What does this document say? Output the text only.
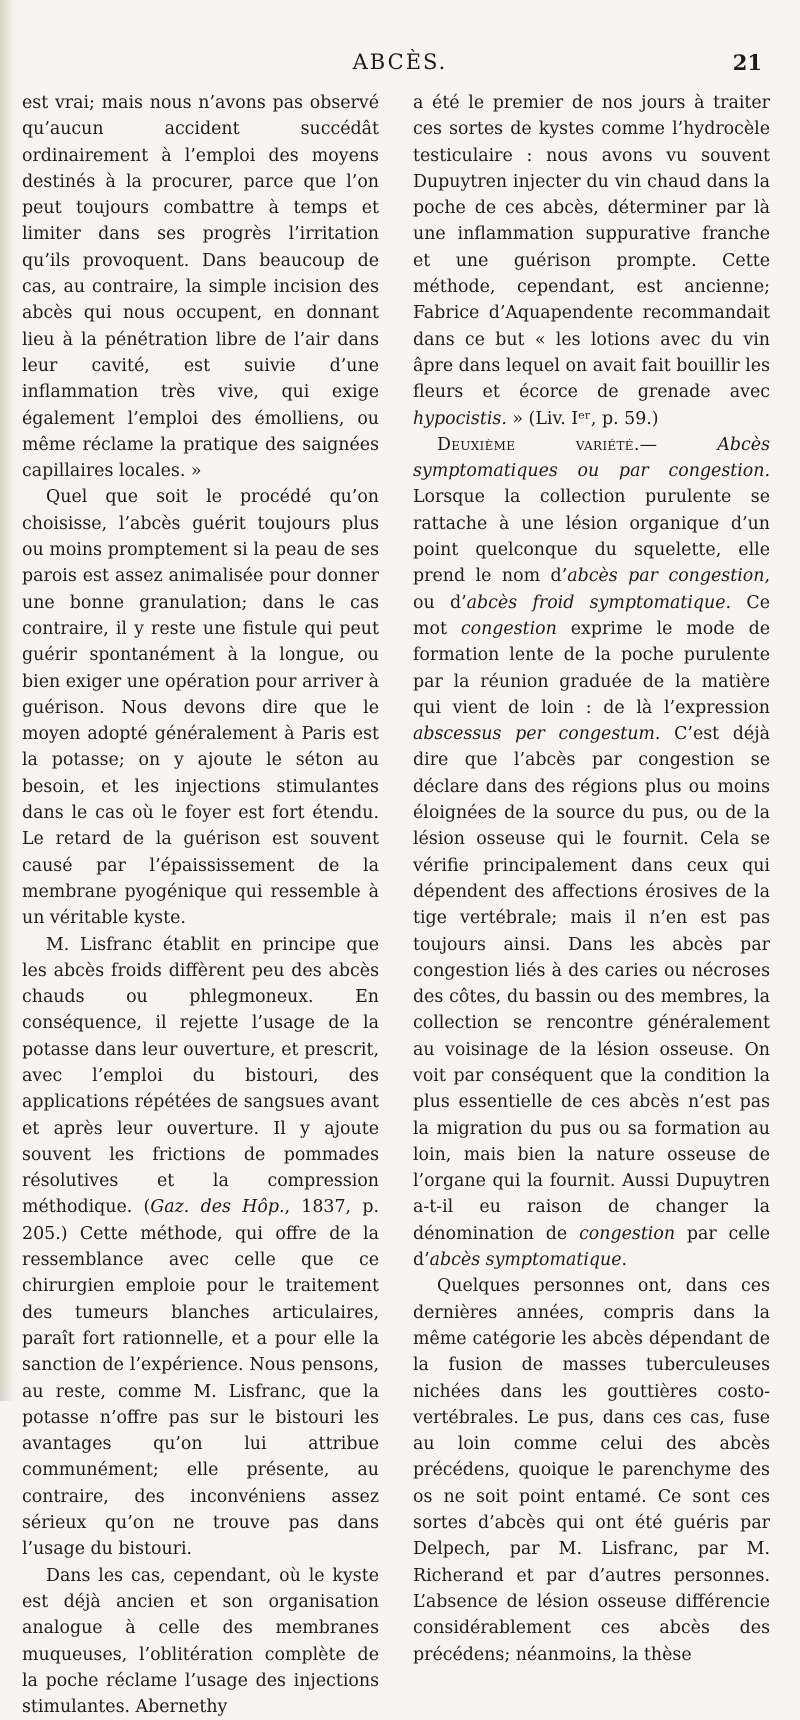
ABCÈS.	21

est vrai; mais nous n’avons pas observé qu’aucun accident succédât ordinairement à l’emploi des moyens destinés à la procurer, parce que l’on peut toujours combattre à temps et limiter dans ses progrès l’irritation qu’ils provoquent. Dans beaucoup de cas, au contraire, la simple incision des abcès qui nous occupent, en donnant lieu à la pénétration libre de l’air dans leur cavité, est suivie d’une inflammation très vive, qui exige également l’emploi des émolliens, ou même réclame la pratique des saignées capillaires locales. »

Quel que soit le procédé qu’on choisisse, l’abcès guérit toujours plus ou moins promptement si la peau de ses parois est assez animalisée pour donner une bonne granulation; dans le cas contraire, il y reste une fistule qui peut guérir spontanément à la longue, ou bien exiger une opération pour arriver à guérison. Nous devons dire que le moyen adopté généralement à Paris est la potasse; on y ajoute le séton au besoin, et les injections stimulantes dans le cas où le foyer est fort étendu. Le retard de la guérison est souvent causé par l’épaississement de la membrane pyogénique qui ressemble à un véritable kyste.

M. Lisfranc établit en principe que les abcès froids diffèrent peu des abcès chauds ou phlegmoneux. En conséquence, il rejette l’usage de la potasse dans leur ouverture, et prescrit, avec l’emploi du bistouri, des applications répétées de sangsues avant et après leur ouverture. Il y ajoute souvent les frictions de pommades résolutives et la compression méthodique. (Gaz. des Hôp., 1837, p. 205.) Cette méthode, qui offre de la ressemblance avec celle que ce chirurgien emploie pour le traitement des tumeurs blanches articulaires, paraît fort rationnelle, et a pour elle la sanction de l’expérience. Nous pensons, au reste, comme M. Lisfranc, que la potasse n’offre pas sur le bistouri les avantages qu’on lui attribue communément; elle présente, au contraire, des inconvéniens assez sérieux qu’on ne trouve pas dans l’usage du bistouri.

Dans les cas, cependant, où le kyste est déjà ancien et son organisation analogue à celle des membranes muqueuses, l’oblitération complète de la poche réclame l’usage des injections stimulantes. Abernethy

a été le premier de nos jours à traiter ces sortes de kystes comme l’hydrocèle testiculaire : nous avons vu souvent Dupuytren injecter du vin chaud dans la poche de ces abcès, déterminer par là une inflammation suppurative franche et une guérison prompte. Cette méthode, cependant, est ancienne; Fabrice d’Aquapendente recommandait dans ce but « les lotions avec du vin âpre dans lequel on avait fait bouillir les fleurs et écorce de grenade avec hypocistis. » (Liv. Iᵉʳ, p. 59.)

Deuxième variété.— Abcès symptomatiques ou par congestion. Lorsque la collection purulente se rattache à une lésion organique d’un point quelconque du squelette, elle prend le nom d’abcès par congestion, ou d’abcès froid symptomatique. Ce mot congestion exprime le mode de formation lente de la poche purulente par la réunion graduée de la matière qui vient de loin : de là l’expression abscessus per congestum. C’est déjà dire que l’abcès par congestion se déclare dans des régions plus ou moins éloignées de la source du pus, ou de la lésion osseuse qui le fournit. Cela se vérifie principalement dans ceux qui dépendent des affections érosives de la tige vertébrale; mais il n’en est pas toujours ainsi. Dans les abcès par congestion liés à des caries ou nécroses des côtes, du bassin ou des membres, la collection se rencontre généralement au voisinage de la lésion osseuse. On voit par conséquent que la condition la plus essentielle de ces abcès n’est pas la migration du pus ou sa formation au loin, mais bien la nature osseuse de l’organe qui la fournit. Aussi Dupuytren a-t-il eu raison de changer la dénomination de congestion par celle d’abcès symptomatique.

Quelques personnes ont, dans ces dernières années, compris dans la même catégorie les abcès dépendant de la fusion de masses tuberculeuses nichées dans les gouttières costo-vertébrales. Le pus, dans ces cas, fuse au loin comme celui des abcès précédens, quoique le parenchyme des os ne soit point entamé. Ce sont ces sortes d’abcès qui ont été guéris par Delpech, par M. Lisfranc, par M. Richerand et par d’autres personnes. L’absence de lésion osseuse différencie considérablement ces abcès des précédens; néanmoins, la thèse
